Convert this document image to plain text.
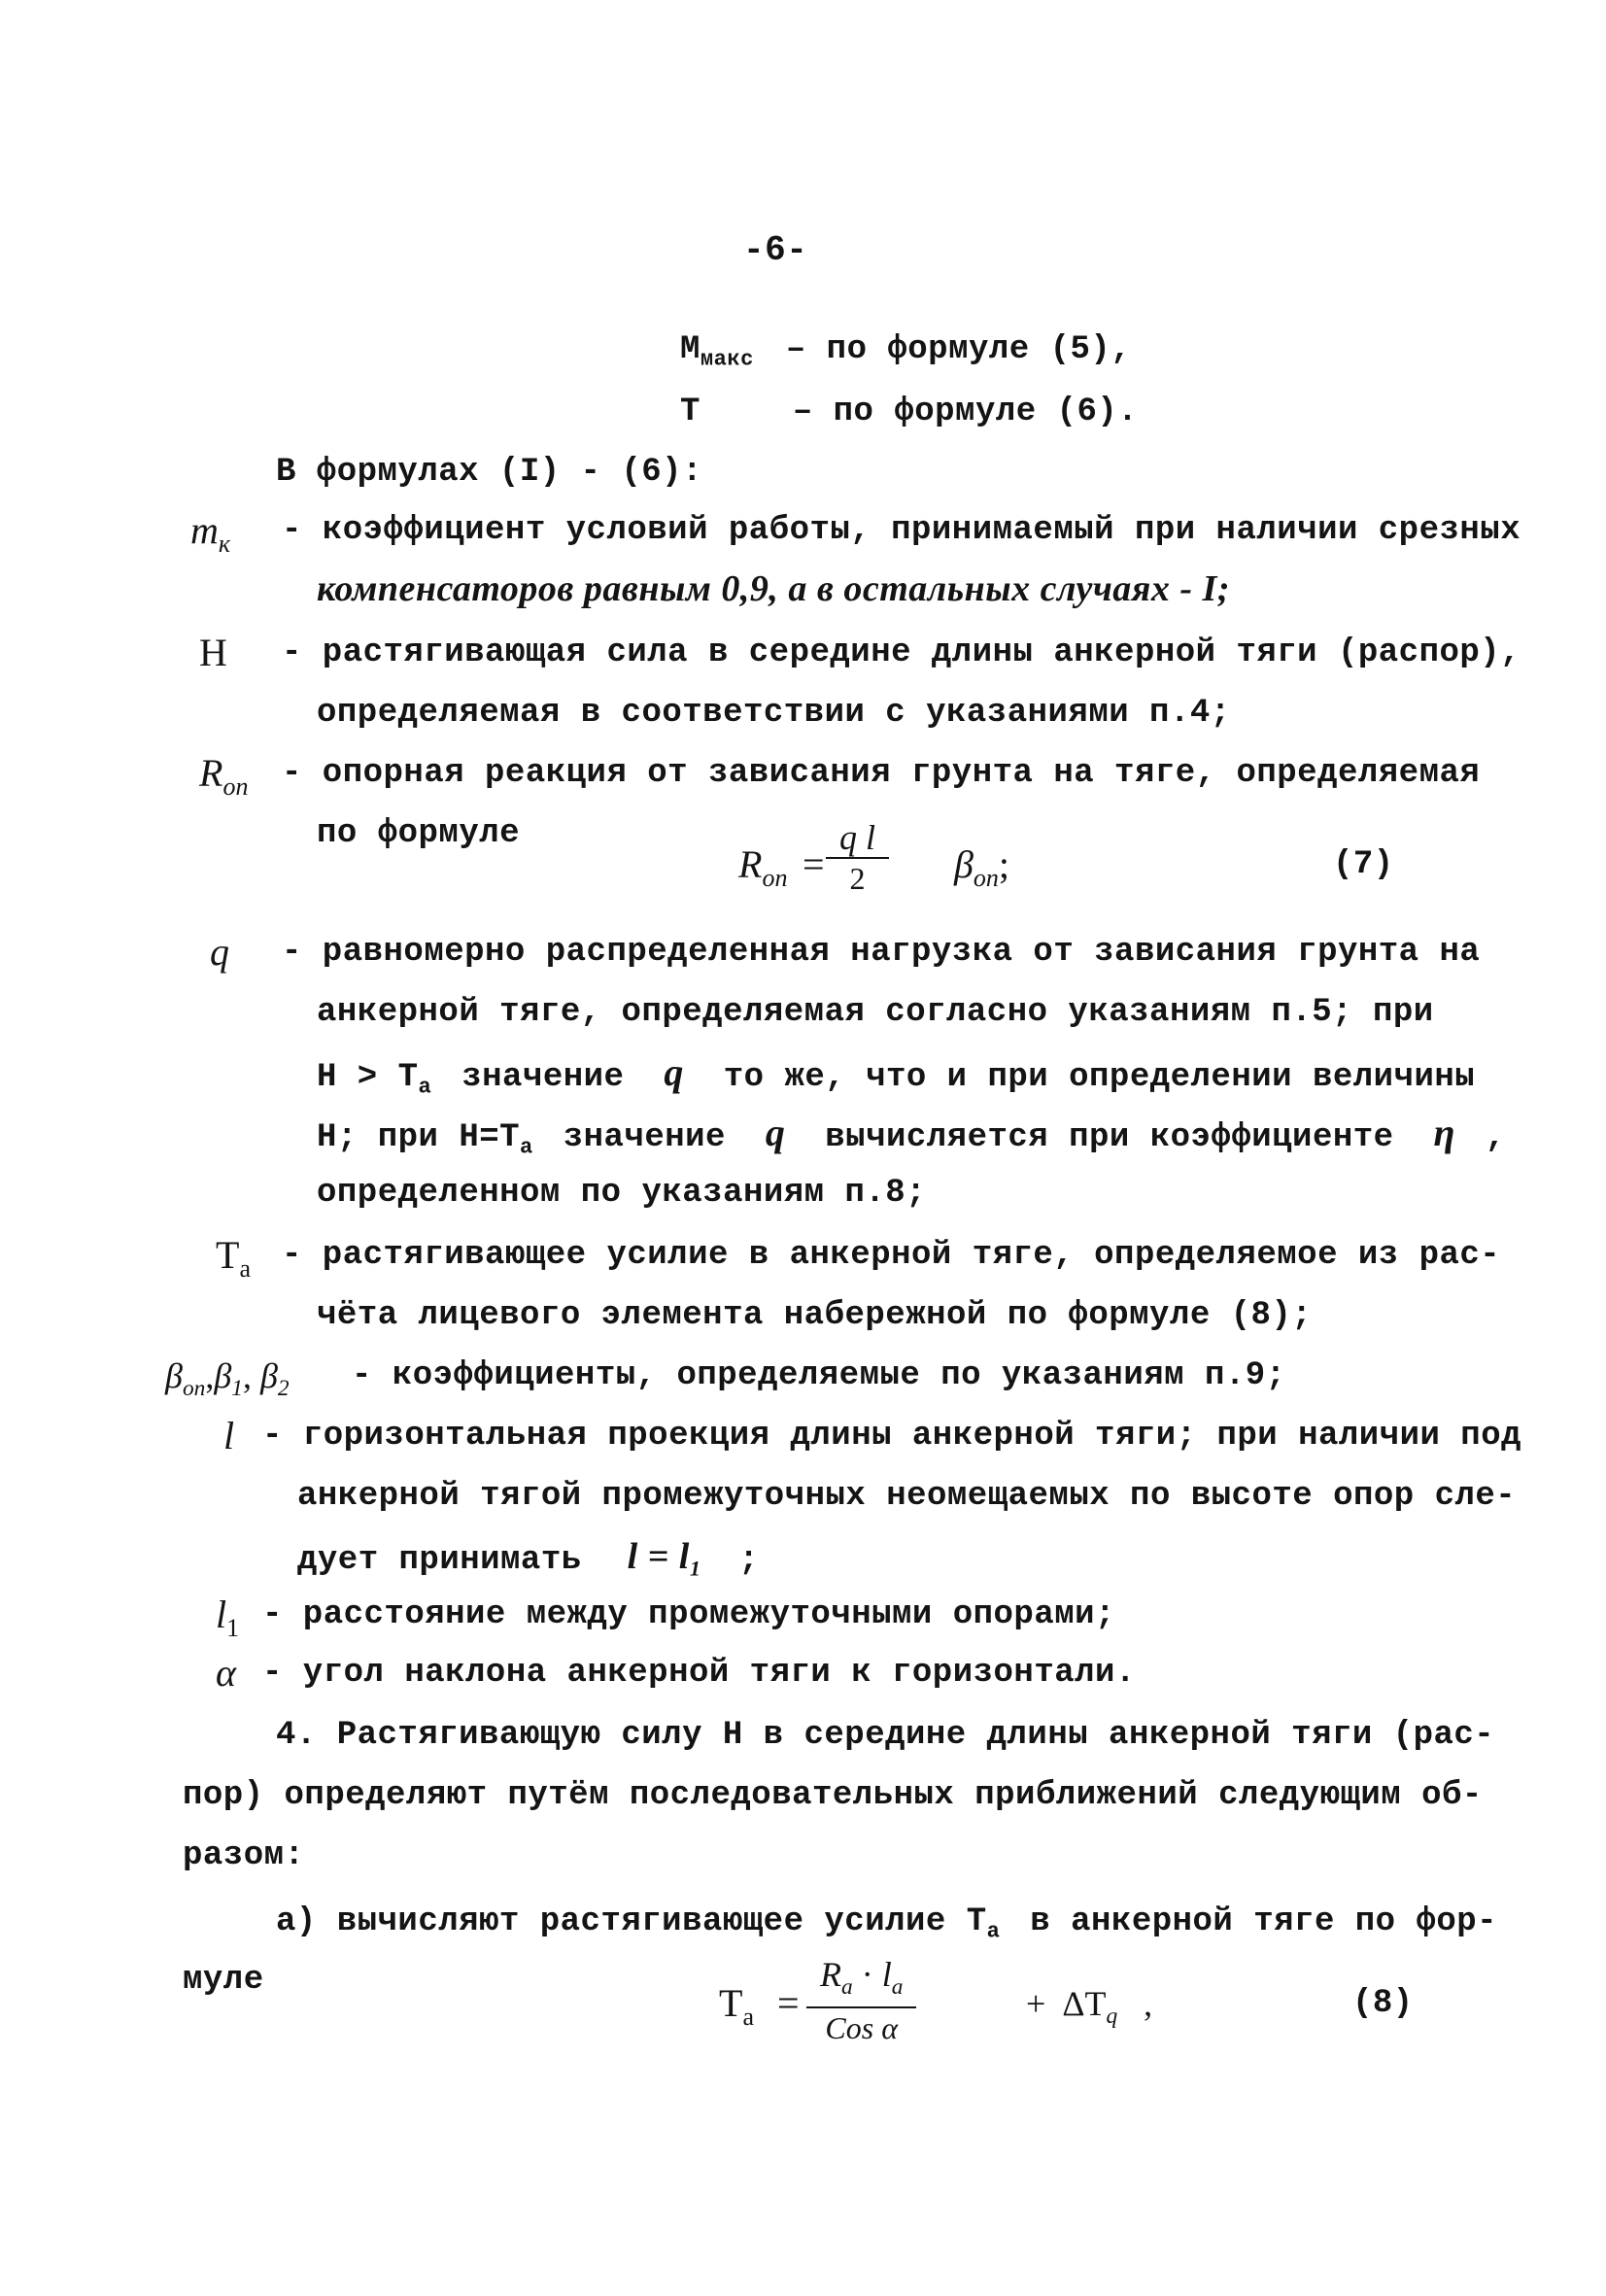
-6-
$М_{макс}$ – по формуле (5),
Т	– по формуле (6).
В формулах (I) - (6):
$m_к$ - коэффициент условий работы, принимаемый при наличии срезных
компенсаторов равным 0,9, а в остальных случаях - I;
Н - растягивающая сила в середине длины анкерной тяги (распор),
определяемая в соответствии с указаниями п.4;
$R_{оп}$ - опорная реакция от зависания грунта на тяге, определяемая
по формуле
$R_{оп} = \frac{\text{q l}}{2} \beta_{оп}$;	(7)
q - равномерно распределенная нагрузка от зависания грунта на
анкерной тяге, определяемая согласно указаниям п.5; при
$Н > Т_а$ значение q то же, что и при определении величины
Н; при $Н=Т_а$ значение q вычисляется при коэффициенте η ,
определенном по указаниям п.8;
$Т_а$ - растягивающее усилие в анкерной тяге, определяемое из рас-
чёта лицевого элемента набережной по формуле (8);
$\beta_{оп},\beta_1$, $\beta_2$ - коэффициенты, определяемые по указаниям п.9;
l - горизонтальная проекция длины анкерной тяги; при наличии под
анкерной тягой промежуточных неомещаемых по высоте опор сле-
дует принимать $l = l_1$ ;
$l_1$ - расстояние между промежуточными опорами;
α - угол наклона анкерной тяги к горизонтали.
4. Растягивающую силу Н в середине длины анкерной тяги (рас-
пор) определяют путём последовательных приближений следующим об-
разом:
а) вычисляют растягивающее усилие $Т_а$ в анкерной тяге по фор-
муле
$Т_а$ =
$R_a \cdot l_a$
Cos α
+ $\Delta Т_q$ ,	(8)
